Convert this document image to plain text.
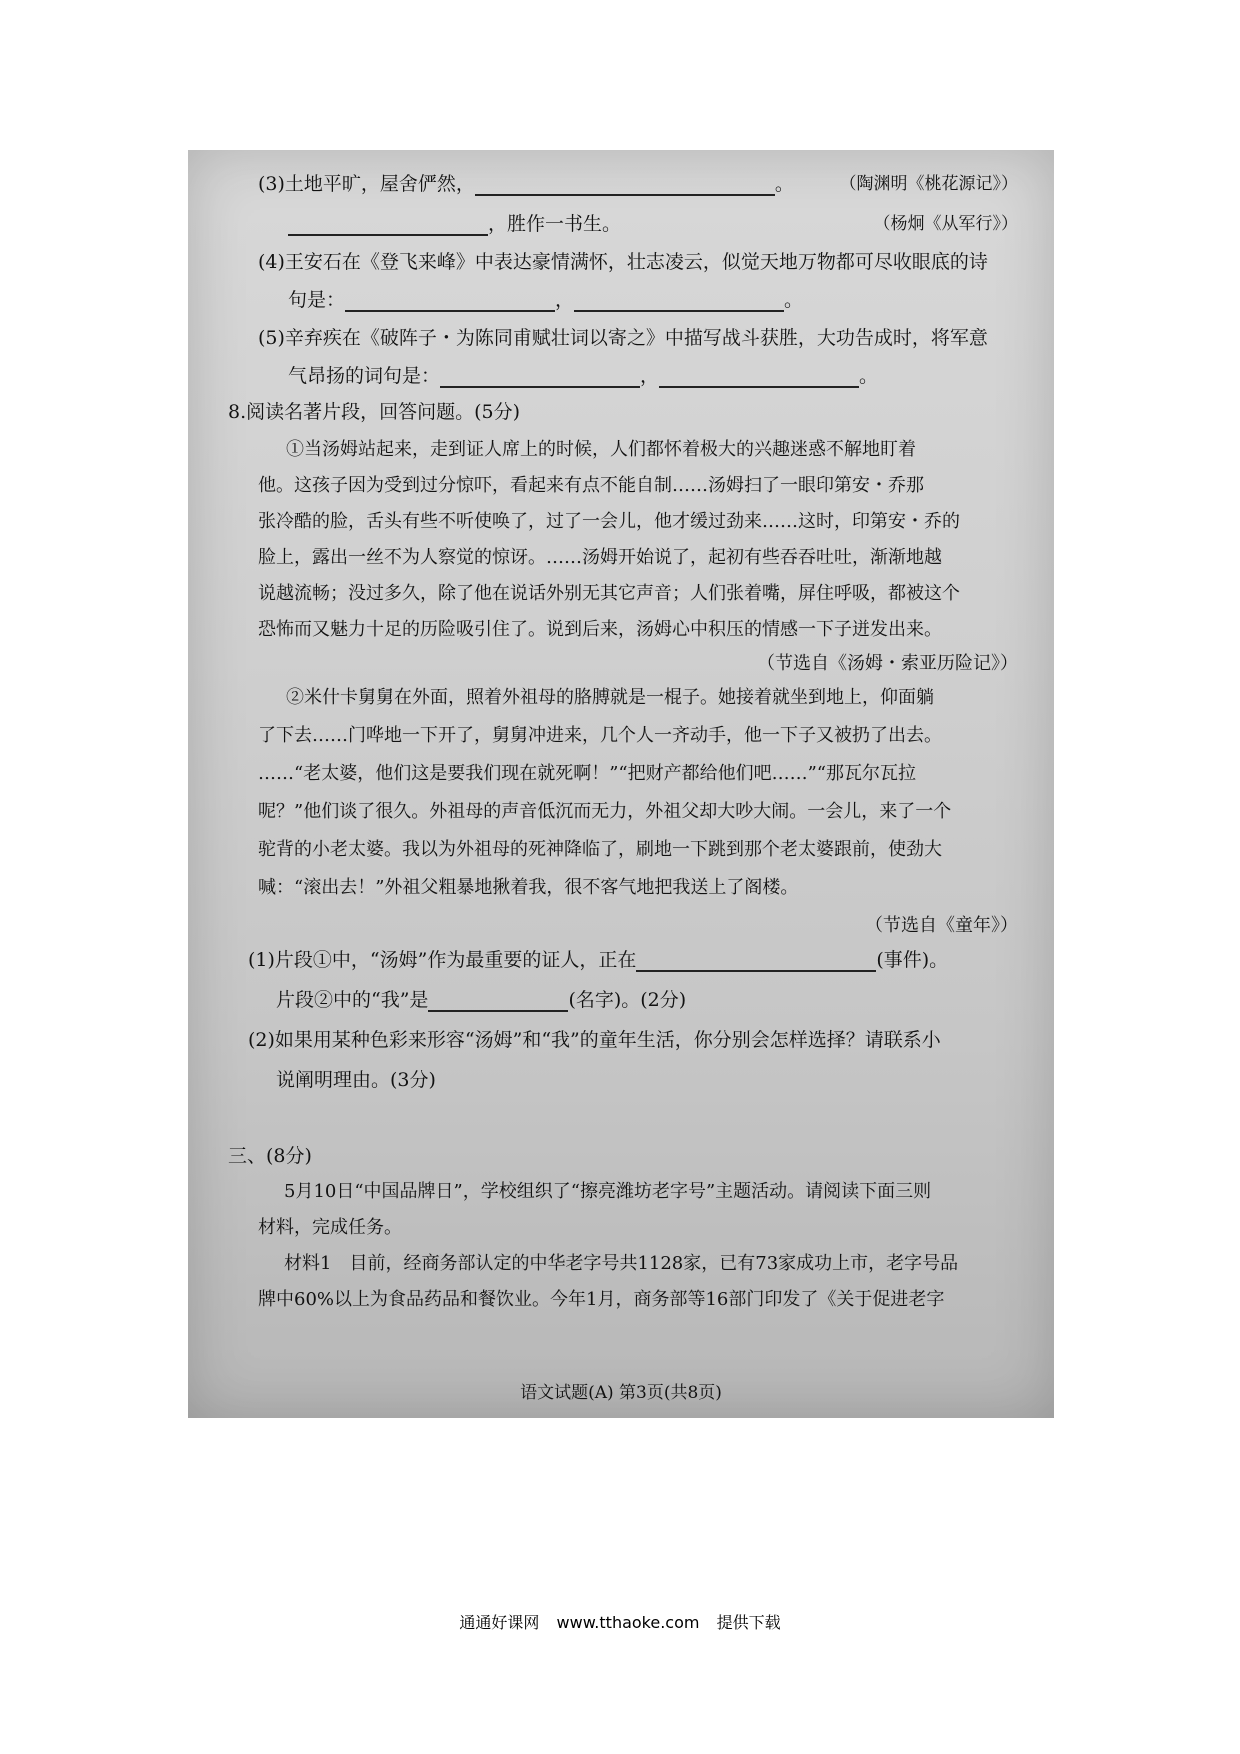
(3)土地平旷，屋舍俨然，	。	（陶渊明《桃花源记》）
，胜作一书生。	（杨炯《从军行》）
(4)王安石在《登飞来峰》中表达豪情满怀，壮志凌云，似觉天地万物都可尽收眼底的诗
句是：	，	。
(5)辛弃疾在《破阵子・为陈同甫赋壮词以寄之》中描写战斗获胜，大功告成时，将军意
气昂扬的词句是：	，	。
8.阅读名著片段，回答问题。(5分)
①当汤姆站起来，走到证人席上的时候，人们都怀着极大的兴趣迷惑不解地盯着
他。这孩子因为受到过分惊吓，看起来有点不能自制……汤姆扫了一眼印第安・乔那
张冷酷的脸，舌头有些不听使唤了，过了一会儿，他才缓过劲来……这时，印第安・乔的
脸上，露出一丝不为人察觉的惊讶。……汤姆开始说了，起初有些吞吞吐吐，渐渐地越
说越流畅；没过多久，除了他在说话外别无其它声音；人们张着嘴，屏住呼吸，都被这个
恐怖而又魅力十足的历险吸引住了。说到后来，汤姆心中积压的情感一下子迸发出来。
（节选自《汤姆・索亚历险记》）
②米什卡舅舅在外面，照着外祖母的胳膊就是一棍子。她接着就坐到地上，仰面躺
了下去……门哗地一下开了，舅舅冲进来，几个人一齐动手，他一下子又被扔了出去。
……“老太婆，他们这是要我们现在就死啊！”“把财产都给他们吧……”“那瓦尔瓦拉
呢？”他们谈了很久。外祖母的声音低沉而无力，外祖父却大吵大闹。一会儿，来了一个
驼背的小老太婆。我以为外祖母的死神降临了，刷地一下跳到那个老太婆跟前，使劲大
喊：“滚出去！”外祖父粗暴地揪着我，很不客气地把我送上了阁楼。
（节选自《童年》）
(1)片段①中，“汤姆”作为最重要的证人，正在	(事件)。
片段②中的“我”是	(名字)。(2分)
(2)如果用某种色彩来形容“汤姆”和“我”的童年生活，你分别会怎样选择？请联系小
说阐明理由。(3分)
三、(8分)
5月10日“中国品牌日”，学校组织了“擦亮潍坊老字号”主题活动。请阅读下面三则
材料，完成任务。
材料1　目前，经商务部认定的中华老字号共1128家，已有73家成功上市，老字号品
牌中60%以上为食品药品和餐饮业。今年1月，商务部等16部门印发了《关于促进老字
语文试题(A) 第3页(共8页)
通通好课网 www.tthaoke.com 提供下载
